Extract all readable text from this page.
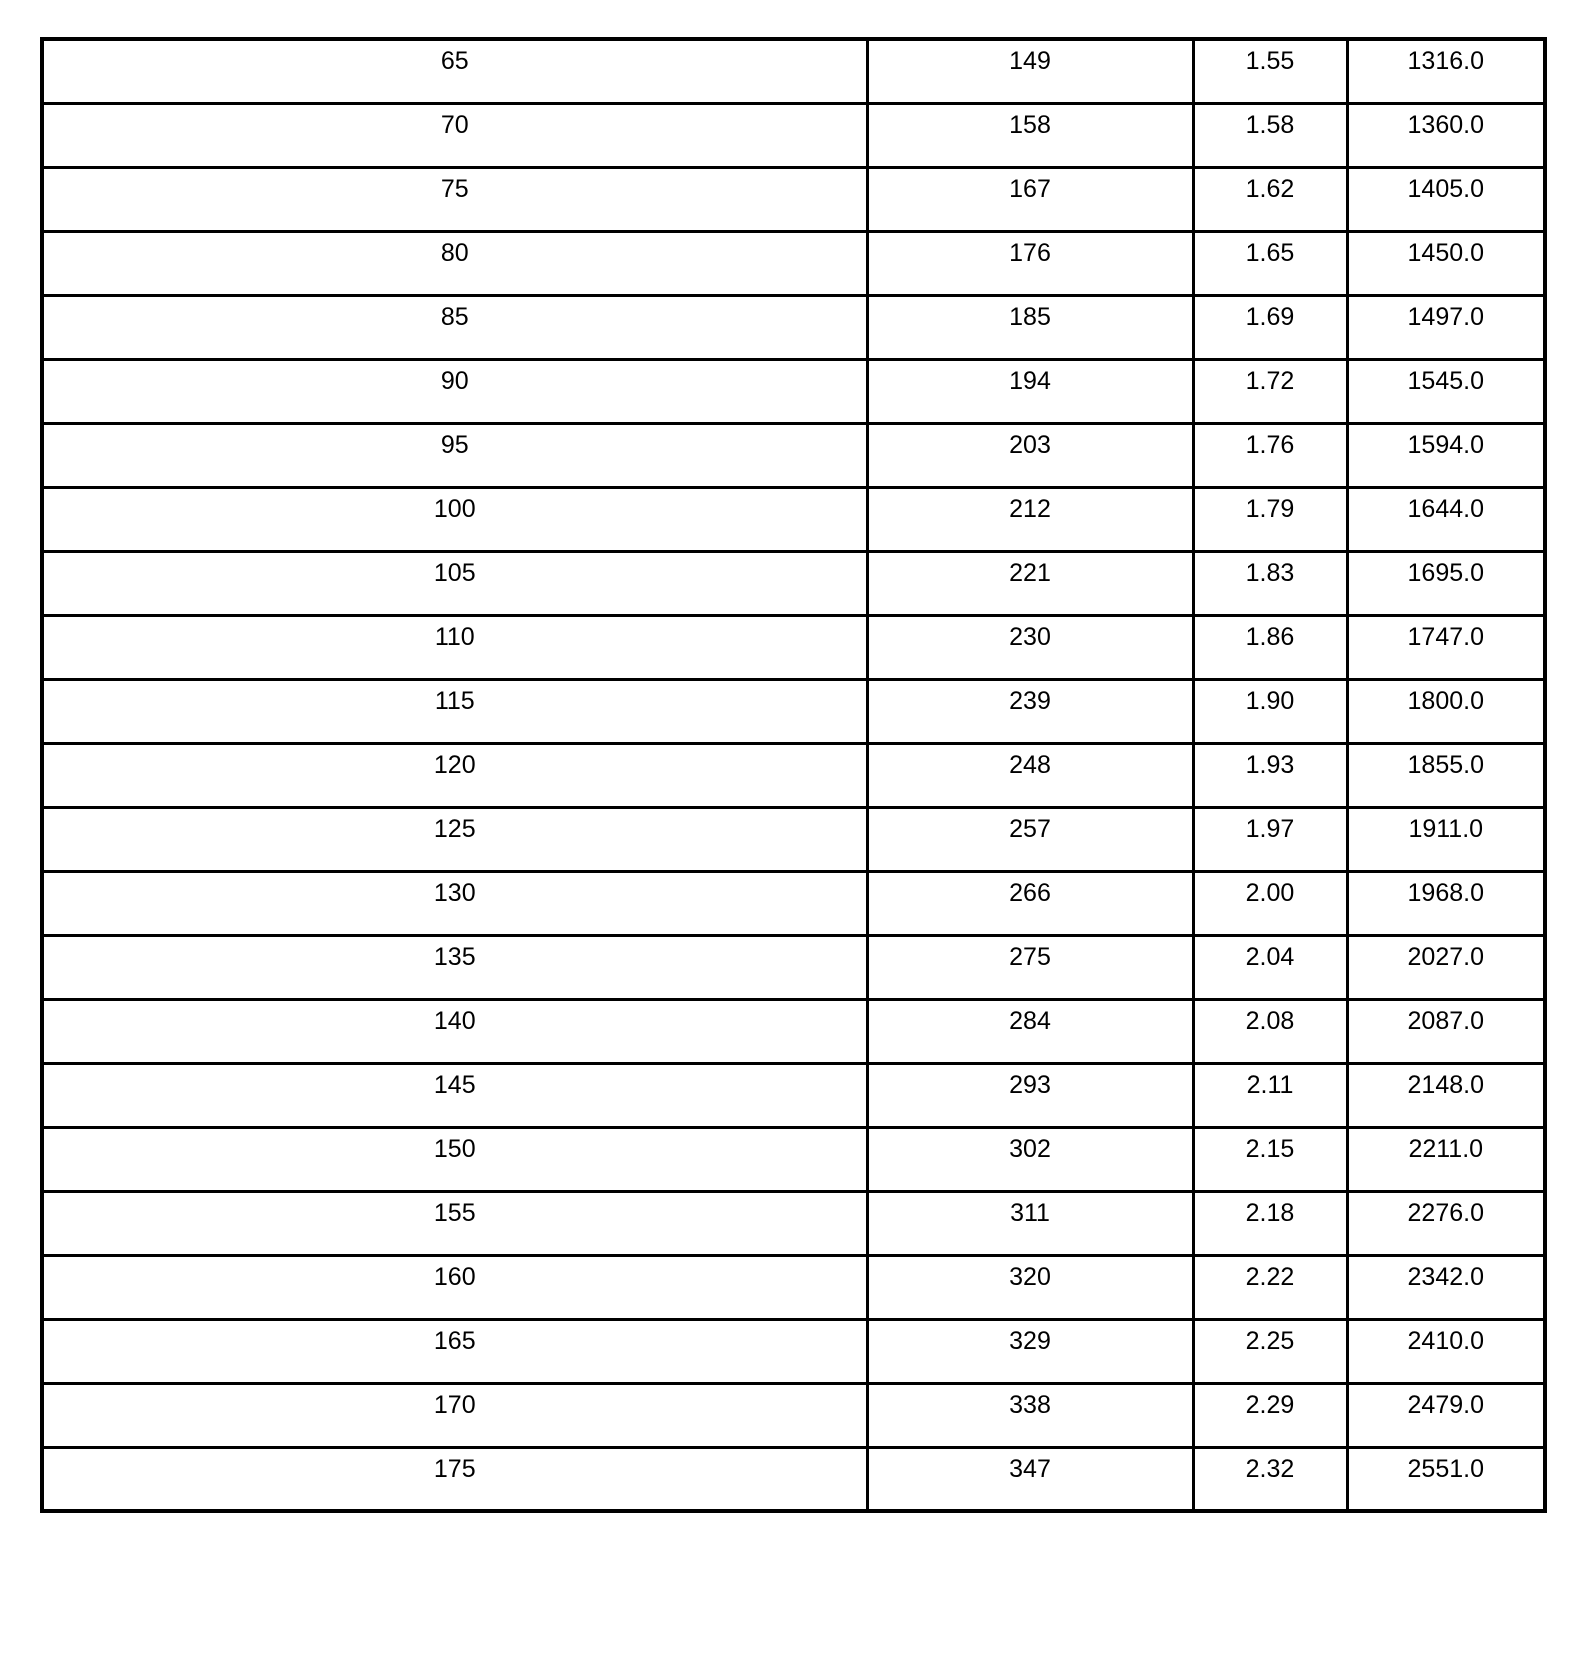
65	149	1.55	1316.0
70	158	1.58	1360.0
75	167	1.62	1405.0
80	176	1.65	1450.0
85	185	1.69	1497.0
90	194	1.72	1545.0
95	203	1.76	1594.0
100	212	1.79	1644.0
105	221	1.83	1695.0
110	230	1.86	1747.0
115	239	1.90	1800.0
120	248	1.93	1855.0
125	257	1.97	1911.0
130	266	2.00	1968.0
135	275	2.04	2027.0
140	284	2.08	2087.0
145	293	2.11	2148.0
150	302	2.15	2211.0
155	311	2.18	2276.0
160	320	2.22	2342.0
165	329	2.25	2410.0
170	338	2.29	2479.0
175	347	2.32	2551.0
